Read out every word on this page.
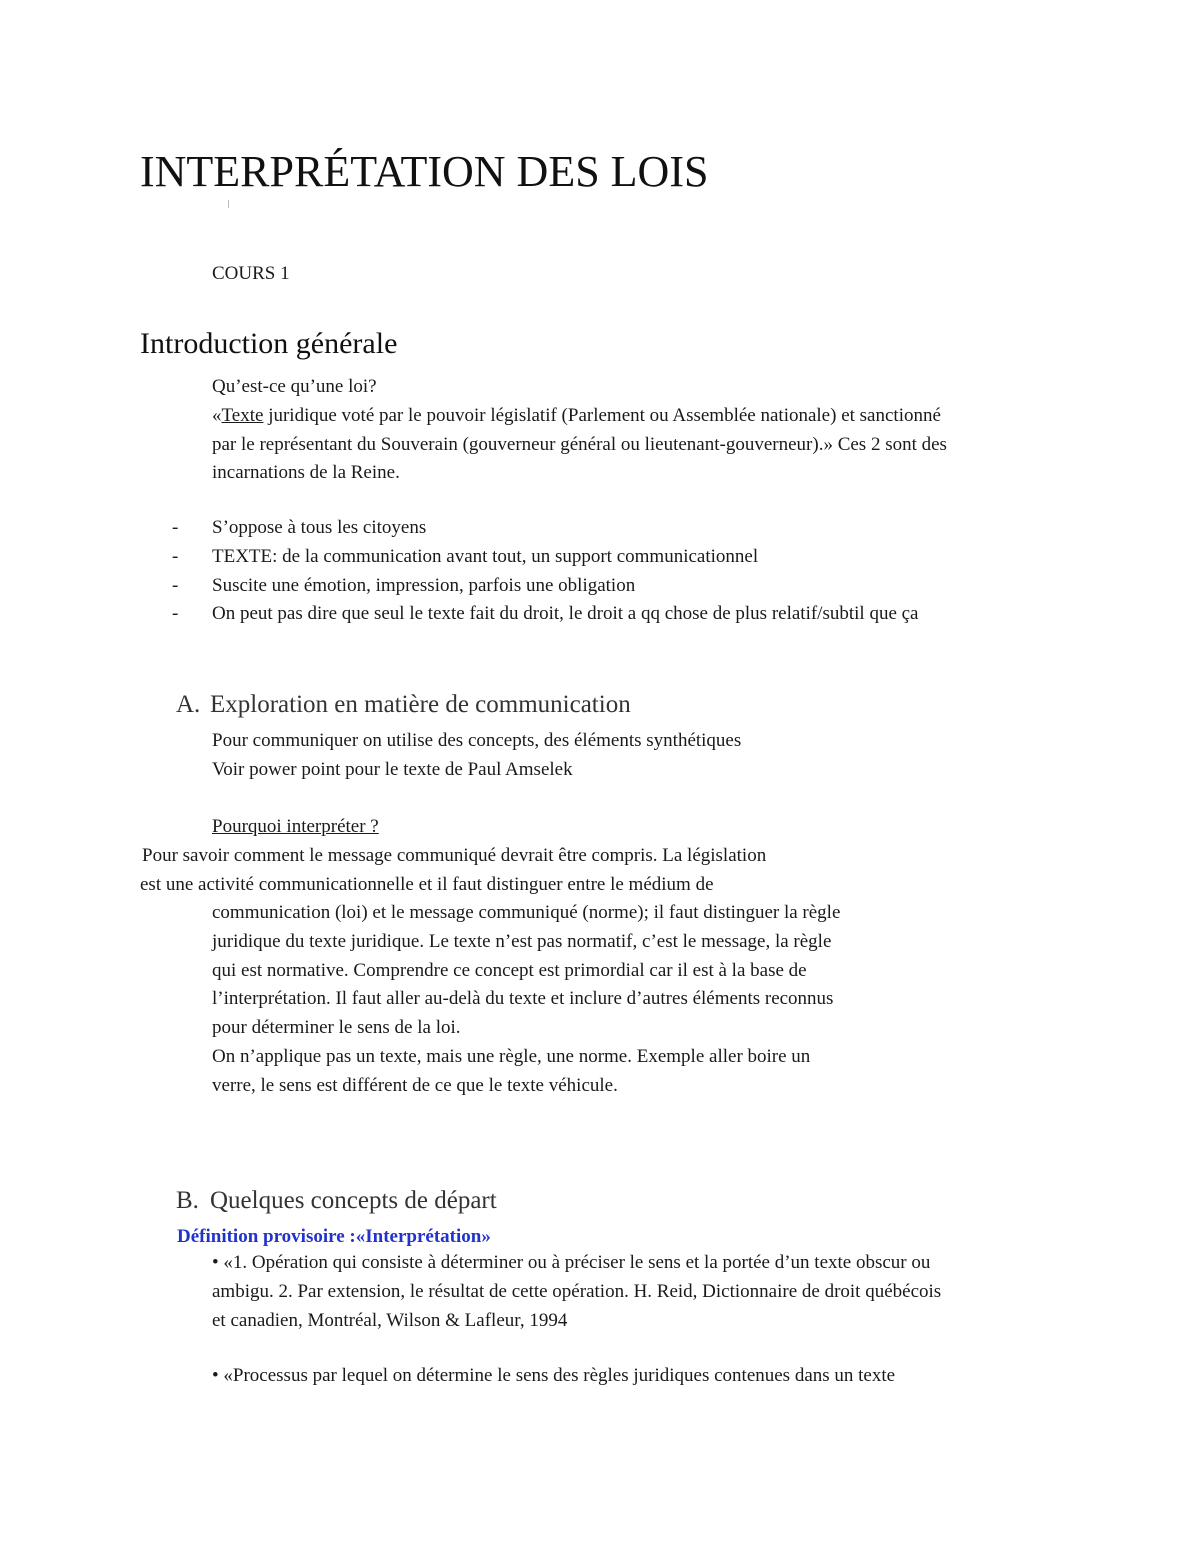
INTERPRÉTATION DES LOIS
COURS 1
Introduction générale
Qu’est-ce qu’une loi?
«Texte juridique voté par le pouvoir législatif (Parlement ou Assemblée nationale) et sanctionné
par le représentant du Souverain (gouverneur général ou lieutenant-gouverneur).» Ces 2 sont des
incarnations de la Reine.
-	S’oppose à tous les citoyens
-	TEXTE: de la communication avant tout, un support communicationnel
-	Suscite une émotion, impression, parfois une obligation
-	On peut pas dire que seul le texte fait du droit, le droit a qq chose de plus relatif/subtil que ça
A. Exploration en matière de communication
Pour communiquer on utilise des concepts, des éléments synthétiques
Voir power point pour le texte de Paul Amselek
Pourquoi interpréter ?
Pour savoir comment le message communiqué devrait être compris. La législation
est une activité communicationnelle et il faut distinguer entre le médium de
communication (loi) et le message communiqué (norme); il faut distinguer la règle
juridique du texte juridique. Le texte n’est pas normatif, c’est le message, la règle
qui est normative. Comprendre ce concept est primordial car il est à la base de
l’interprétation. Il faut aller au-delà du texte et inclure d’autres éléments reconnus
pour déterminer le sens de la loi.
On n’applique pas un texte, mais une règle, une norme. Exemple aller boire un
verre, le sens est différent de ce que le texte véhicule.
B. Quelques concepts de départ
Définition provisoire :«Interprétation»
• «1. Opération qui consiste à déterminer ou à préciser le sens et la portée d’un texte obscur ou
ambigu. 2. Par extension, le résultat de cette opération. H. Reid, Dictionnaire de droit québécois
et canadien, Montréal, Wilson & Lafleur, 1994
• «Processus par lequel on détermine le sens des règles juridiques contenues dans un texte
